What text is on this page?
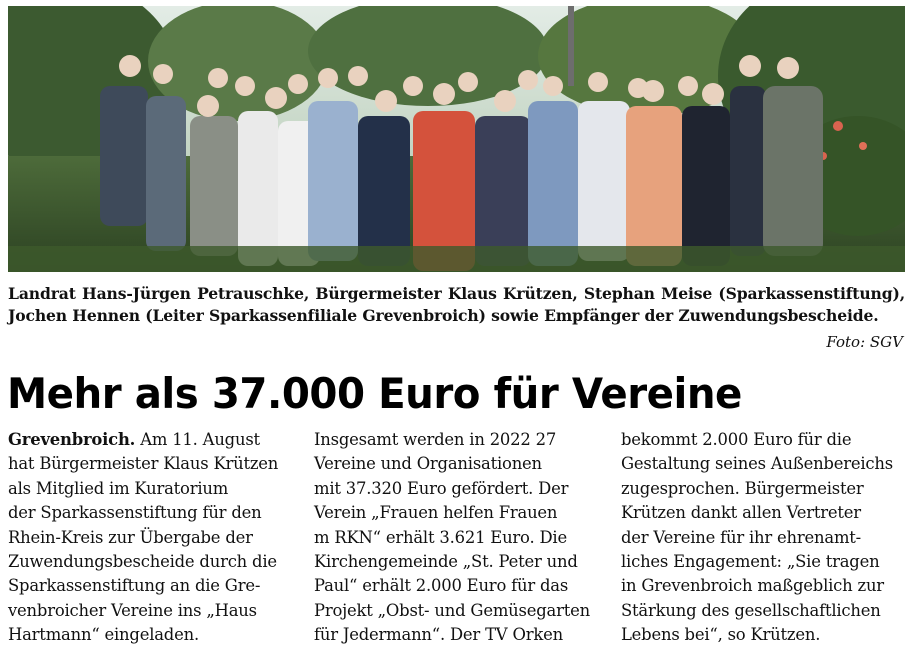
Landrat Hans-Jürgen Petrauschke, Bürgermeister Klaus Krützen, Stephan Meise (Sparkassenstiftung), Jochen Hennen (Leiter Sparkassenfiliale Grevenbroich) sowie Empfänger der Zuwendungsbescheide.
Foto: SGV
Mehr als 37.000 Euro für Vereine
Grevenbroich. Am 11. August
hat Bürgermeister Klaus Krützen
als Mitglied im Kuratorium
der Sparkassenstiftung für den
Rhein-Kreis zur Übergabe der
Zuwendungsbescheide durch die
Sparkassenstiftung an die Gre-
venbroicher Vereine ins „Haus
Hartmann“ eingeladen.
Insgesamt werden in 2022 27
Vereine und Organisationen
mit 37.320 Euro gefördert. Der
Verein „Frauen helfen Frauen
m RKN“ erhält 3.621 Euro. Die
Kirchengemeinde „St. Peter und
Paul“ erhält 2.000 Euro für das
Projekt „Obst- und Gemüsegarten
für Jedermann“. Der TV Orken
bekommt 2.000 Euro für die
Gestaltung seines Außenbereichs
zugesprochen. Bürgermeister
Krützen dankt allen Vertreter
der Vereine für ihr ehrenamt-
liches Engagement: „Sie tragen
in Grevenbroich maßgeblich zur
Stärkung des gesellschaftlichen
Lebens bei“, so Krützen.
